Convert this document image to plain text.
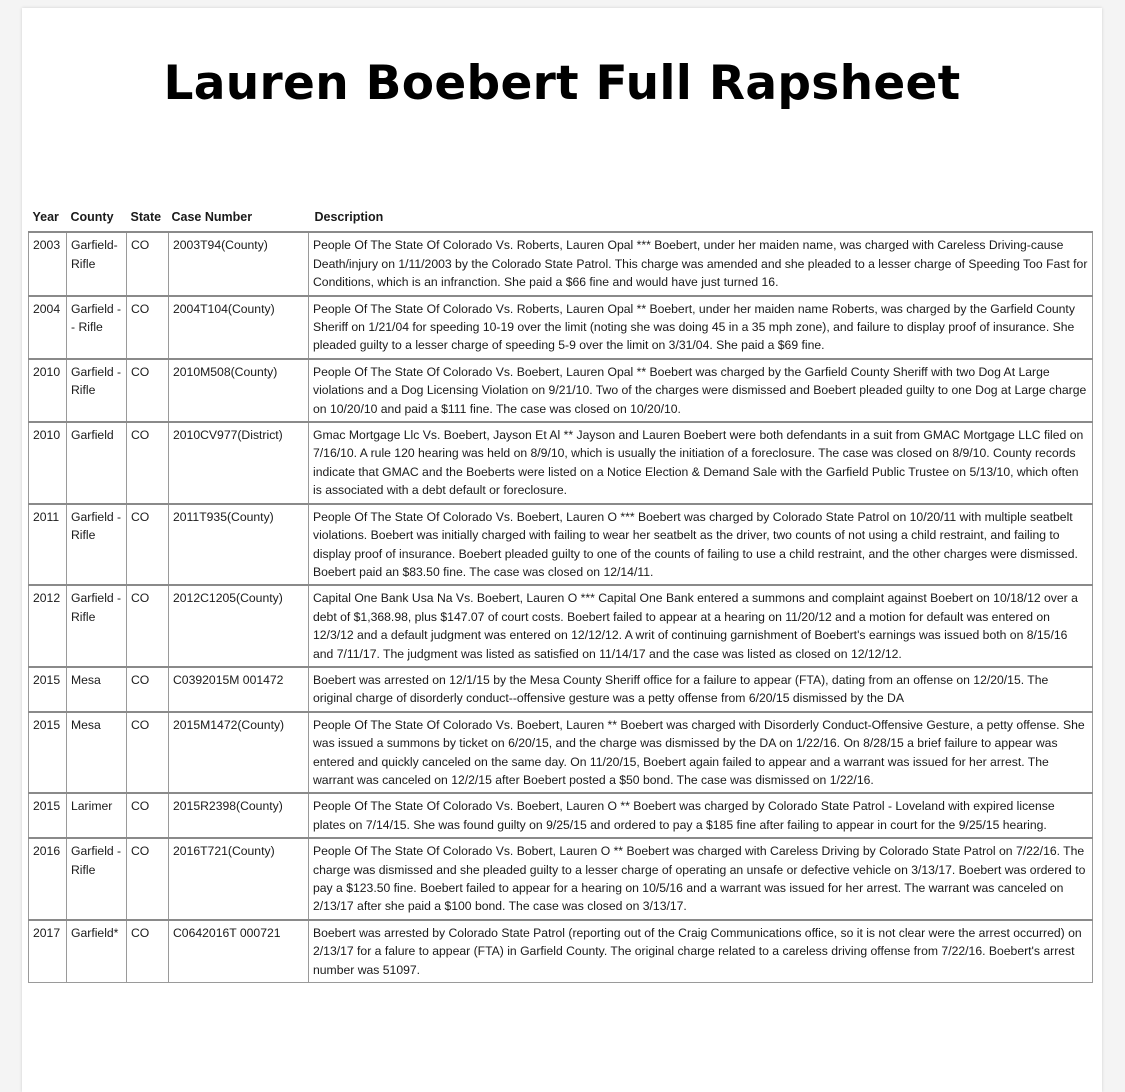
Lauren Boebert Full Rapsheet
Year	County	State	Case Number	Description
2003	Garfield-Rifle	CO	2003T94(County)	People Of The State Of Colorado Vs. Roberts, Lauren Opal *** Boebert, under her maiden name, was charged with Careless Driving-cause Death/injury on 1/11/2003 by the Colorado State Patrol. This charge was amended and she pleaded to a lesser charge of Speeding Too Fast for Conditions, which is an infranction. She paid a $66 fine and would have just turned 16.
2004	Garfield -- Rifle	CO	2004T104(County)	People Of The State Of Colorado Vs. Roberts, Lauren Opal ** Boebert, under her maiden name Roberts, was charged by the Garfield County Sheriff on 1/21/04 for speeding 10-19 over the limit (noting she was doing 45 in a 35 mph zone), and failure to display proof of insurance. She pleaded guilty to a lesser charge of speeding 5-9 over the limit on 3/31/04. She paid a $69 fine.
2010	Garfield - Rifle	CO	2010M508(County)	People Of The State Of Colorado Vs. Boebert, Lauren Opal ** Boebert was charged by the Garfield County Sheriff with two Dog At Large violations and a Dog Licensing Violation on 9/21/10. Two of the charges were dismissed and Boebert pleaded guilty to one Dog at Large charge on 10/20/10 and paid a $111 fine. The case was closed on 10/20/10.
2010	Garfield	CO	2010CV977(District)	Gmac Mortgage Llc Vs. Boebert, Jayson Et Al ** Jayson and Lauren Boebert were both defendants in a suit from GMAC Mortgage LLC filed on 7/16/10. A rule 120 hearing was held on 8/9/10, which is usually the initiation of a foreclosure. The case was closed on 8/9/10. County records indicate that GMAC and the Boeberts were listed on a Notice Election & Demand Sale with the Garfield Public Trustee on 5/13/10, which often is associated with a debt default or foreclosure.
2011	Garfield - Rifle	CO	2011T935(County)	People Of The State Of Colorado Vs. Boebert, Lauren O *** Boebert was charged by Colorado State Patrol on 10/20/11 with multiple seatbelt violations. Boebert was initially charged with failing to wear her seatbelt as the driver, two counts of not using a child restraint, and failing to display proof of insurance. Boebert pleaded guilty to one of the counts of failing to use a child restraint, and the other charges were dismissed. Boebert paid an $83.50 fine. The case was closed on 12/14/11.
2012	Garfield - Rifle	CO	2012C1205(County)	Capital One Bank Usa Na Vs. Boebert, Lauren O *** Capital One Bank entered a summons and complaint against Boebert on 10/18/12 over a debt of $1,368.98, plus $147.07 of court costs. Boebert failed to appear at a hearing on 11/20/12 and a motion for default was entered on 12/3/12 and a default judgment was entered on 12/12/12. A writ of continuing garnishment of Boebert's earnings was issued both on 8/15/16 and 7/11/17. The judgment was listed as satisfied on 11/14/17 and the case was listed as closed on 12/12/12.
2015	Mesa	CO	C0392015M 001472	Boebert was arrested on 12/1/15 by the Mesa County Sheriff office for a failure to appear (FTA), dating from an offense on 12/20/15. The original charge of disorderly conduct--offensive gesture was a petty offense from 6/20/15 dismissed by the DA
2015	Mesa	CO	2015M1472(County)	People Of The State Of Colorado Vs. Boebert, Lauren ** Boebert was charged with Disorderly Conduct-Offensive Gesture, a petty offense. She was issued a summons by ticket on 6/20/15, and the charge was dismissed by the DA on 1/22/16. On 8/28/15 a brief failure to appear was entered and quickly canceled on the same day. On 11/20/15, Boebert again failed to appear and a warrant was issued for her arrest. The warrant was canceled on 12/2/15 after Boebert posted a $50 bond. The case was dismissed on 1/22/16.
2015	Larimer	CO	2015R2398(County)	People Of The State Of Colorado Vs. Boebert, Lauren O ** Boebert was charged by Colorado State Patrol - Loveland with expired license plates on 7/14/15. She was found guilty on 9/25/15 and ordered to pay a $185 fine after failing to appear in court for the 9/25/15 hearing.
2016	Garfield - Rifle	CO	2016T721(County)	People Of The State Of Colorado Vs. Bobert, Lauren O ** Boebert was charged with Careless Driving by Colorado State Patrol on 7/22/16. The charge was dismissed and she pleaded guilty to a lesser charge of operating an unsafe or defective vehicle on 3/13/17. Boebert was ordered to pay a $123.50 fine. Boebert failed to appear for a hearing on 10/5/16 and a warrant was issued for her arrest. The warrant was canceled on 2/13/17 after she paid a $100 bond. The case was closed on 3/13/17.
2017	Garfield*	CO	C0642016T 000721	Boebert was arrested by Colorado State Patrol (reporting out of the Craig Communications office, so it is not clear were the arrest occurred) on 2/13/17 for a falure to appear (FTA) in Garfield County. The original charge related to a careless driving offense from 7/22/16. Boebert's arrest number was 51097.
